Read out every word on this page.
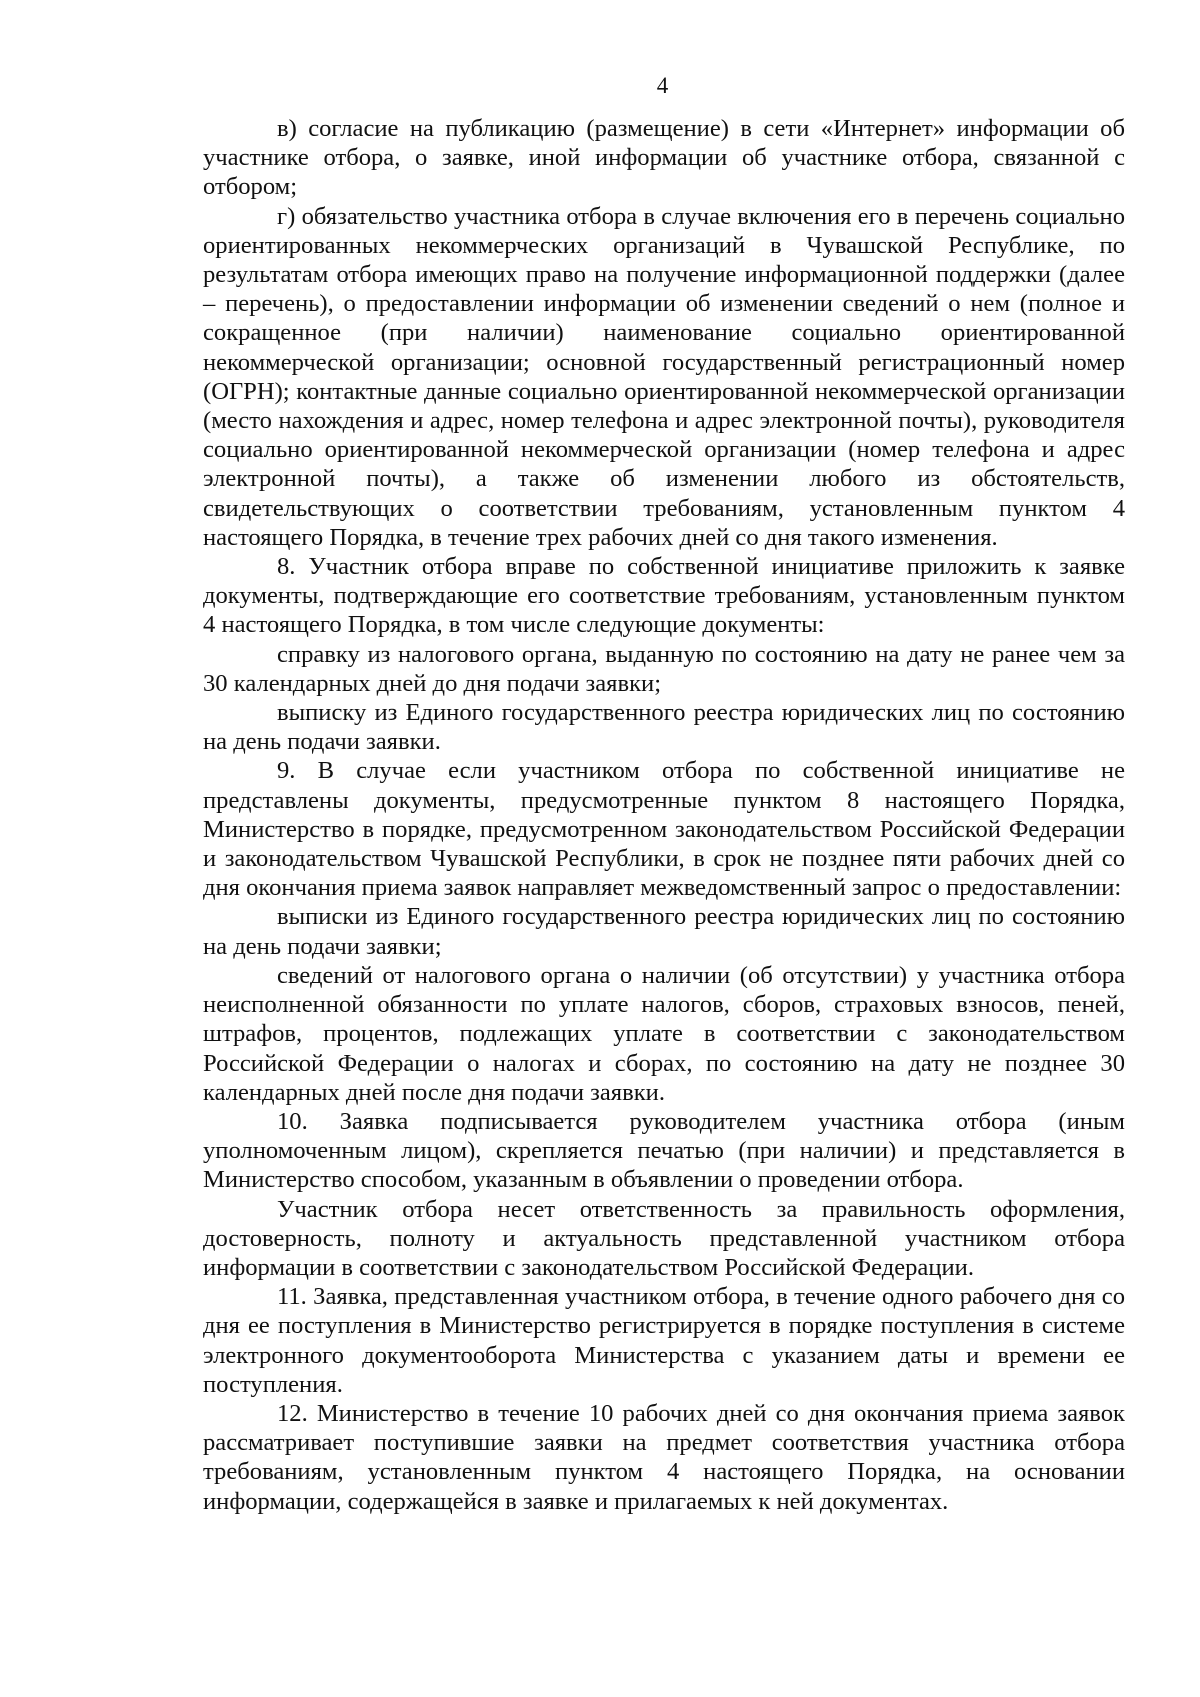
4

в) согласие на публикацию (размещение) в сети «Интернет» информации об участнике отбора, о заявке, иной информации об участнике отбора, связанной с отбором;

г) обязательство участника отбора в случае включения его в перечень социально ориентированных некоммерческих организаций в Чувашской Республике, по результатам отбора имеющих право на получение информационной поддержки (далее – перечень), о предоставлении информации об изменении сведений о нем (полное и сокращенное (при наличии) наименование социально ориентированной некоммерческой организации; основной государственный регистрационный номер (ОГРН); контактные данные социально ориентированной некоммерческой организации (место нахождения и адрес, номер телефона и адрес электронной почты), руководителя социально ориентированной некоммерческой организации (номер телефона и адрес электронной почты), а также об изменении любого из обстоятельств, свидетельствующих о соответствии требованиям, установленным пунктом 4 настоящего Порядка, в течение трех рабочих дней со дня такого изменения.

8. Участник отбора вправе по собственной инициативе приложить к заявке документы, подтверждающие его соответствие требованиям, установленным пунктом 4 настоящего Порядка, в том числе следующие документы:

справку из налогового органа, выданную по состоянию на дату не ранее чем за 30 календарных дней до дня подачи заявки;

выписку из Единого государственного реестра юридических лиц по состоянию на день подачи заявки.

9. В случае если участником отбора по собственной инициативе не представлены документы, предусмотренные пунктом 8 настоящего Порядка, Министерство в порядке, предусмотренном законодательством Российской Федерации и законодательством Чувашской Республики, в срок не позднее пяти рабочих дней со дня окончания приема заявок направляет межведомственный запрос о предоставлении:

выписки из Единого государственного реестра юридических лиц по состоянию на день подачи заявки;

сведений от налогового органа о наличии (об отсутствии) у участника отбора неисполненной обязанности по уплате налогов, сборов, страховых взносов, пеней, штрафов, процентов, подлежащих уплате в соответствии с законодательством Российской Федерации о налогах и сборах, по состоянию на дату не позднее 30 календарных дней после дня подачи заявки.

10. Заявка подписывается руководителем участника отбора (иным уполномоченным лицом), скрепляется печатью (при наличии) и представляется в Министерство способом, указанным в объявлении о проведении отбора.

Участник отбора несет ответственность за правильность оформления, достоверность, полноту и актуальность представленной участником отбора информации в соответствии с законодательством Российской Федерации.

11. Заявка, представленная участником отбора, в течение одного рабочего дня со дня ее поступления в Министерство регистрируется в порядке поступления в системе электронного документооборота Министерства с указанием даты и времени ее поступления.

12. Министерство в течение 10 рабочих дней со дня окончания приема заявок рассматривает поступившие заявки на предмет соответствия участника отбора требованиям, установленным пунктом 4 настоящего Порядка, на основании информации, содержащейся в заявке и прилагаемых к ней документах.
